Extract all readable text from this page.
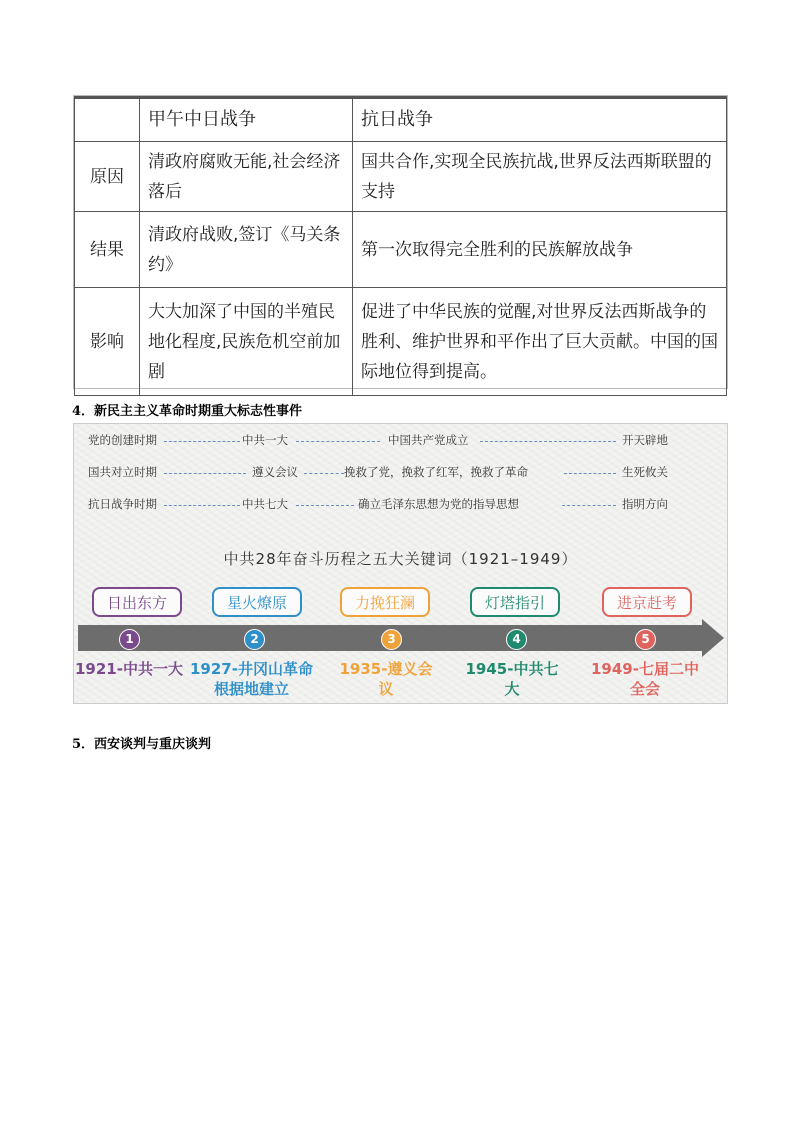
	甲午中日战争	抗日战争
原因	清政府腐败无能,社会经济落后	国共合作,实现全民族抗战,世界反法西斯联盟的支持
结果	清政府战败,签订《马关条约》	第一次取得完全胜利的民族解放战争
影响	大大加深了中国的半殖民地化程度,民族危机空前加剧	促进了中华民族的觉醒,对世界反法西斯战争的胜利、维护世界和平作出了巨大贡献。中国的国际地位得到提高。
4．新民主主义革命时期重大标志性事件
党的创建时期	中共一大	中国共产党成立	开天辟地
国共对立时期	遵义会议	挽救了党，挽救了红军，挽救了革命	生死攸关
抗日战争时期	中共七大	确立毛泽东思想为党的指导思想	指明方向
中共28年奋斗历程之五大关键词（1921–1949）
日出东方	星火燎原	力挽狂澜	灯塔指引	进京赶考
1	2	3	4	5
1921-中共一大 1927-井冈山革命根据地建立
1935-遵义会议
1945-中共七大
1949-七届二中全会
5．西安谈判与重庆谈判
